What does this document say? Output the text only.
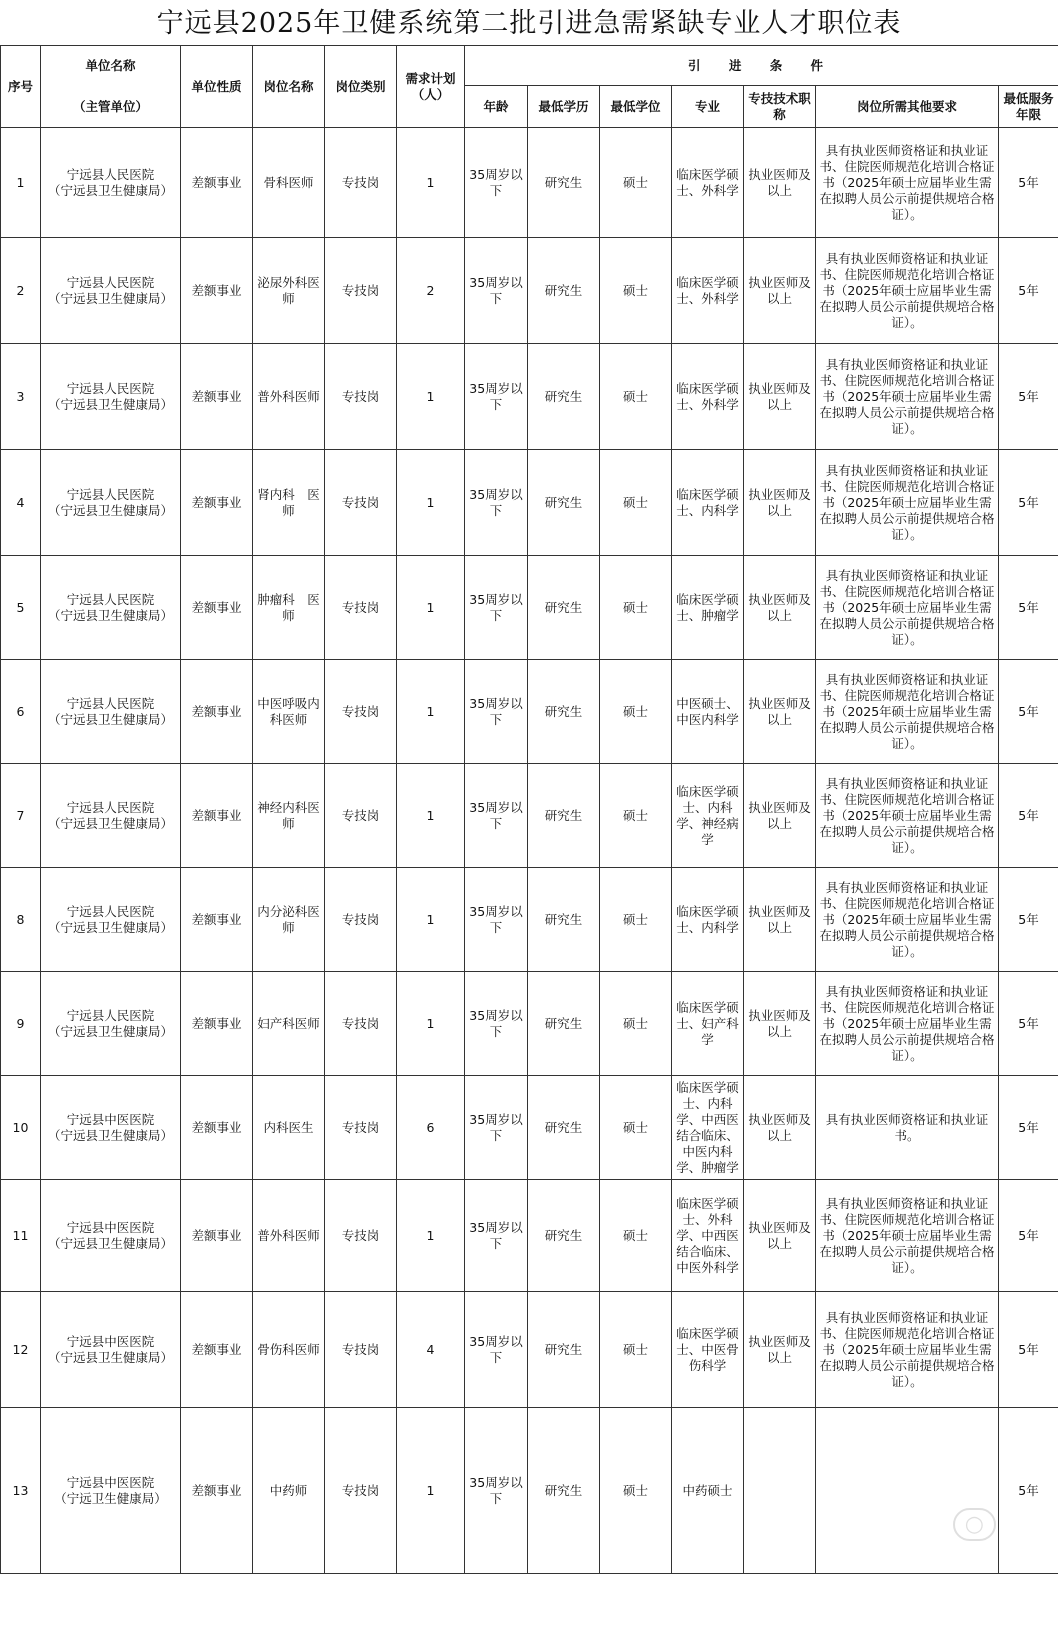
宁远县2025年卫健系统第二批引进急需紧缺专业人才职位表
序号	单位名称	单位性质	岗位名称	岗位类别	需求计划（人）	引 进 条 件						
	（主管单位）					年龄	最低学历	最低学位	专业	专技技术职称	岗位所需其他要求	最低服务年限
1	宁远县人民医院
（宁远县卫生健康局）	差额事业	骨科医师	专技岗	1	35周岁以下	研究生	硕士	临床医学硕士、外科学	执业医师及以上	具有执业医师资格证和执业证书、住院医师规范化培训合格证书（2025年硕士应届毕业生需在拟聘人员公示前提供规培合格证）。	5年
2	宁远县人民医院
（宁远县卫生健康局）	差额事业	泌尿外科医师	专技岗	2	35周岁以下	研究生	硕士	临床医学硕士、外科学	执业医师及以上	具有执业医师资格证和执业证书、住院医师规范化培训合格证书（2025年硕士应届毕业生需在拟聘人员公示前提供规培合格证）。	5年
3	宁远县人民医院
（宁远县卫生健康局）	差额事业	普外科医师	专技岗	1	35周岁以下	研究生	硕士	临床医学硕士、外科学	执业医师及以上	具有执业医师资格证和执业证书、住院医师规范化培训合格证书（2025年硕士应届毕业生需在拟聘人员公示前提供规培合格证）。	5年
4	宁远县人民医院
（宁远县卫生健康局）	差额事业	肾内科　医师	专技岗	1	35周岁以下	研究生	硕士	临床医学硕士、内科学	执业医师及以上	具有执业医师资格证和执业证书、住院医师规范化培训合格证书（2025年硕士应届毕业生需在拟聘人员公示前提供规培合格证）。	5年
5	宁远县人民医院
（宁远县卫生健康局）	差额事业	肿瘤科　医师	专技岗	1	35周岁以下	研究生	硕士	临床医学硕士、肿瘤学	执业医师及以上	具有执业医师资格证和执业证书、住院医师规范化培训合格证书（2025年硕士应届毕业生需在拟聘人员公示前提供规培合格证）。	5年
6	宁远县人民医院
（宁远县卫生健康局）	差额事业	中医呼吸内科医师	专技岗	1	35周岁以下	研究生	硕士	中医硕士、中医内科学	执业医师及以上	具有执业医师资格证和执业证书、住院医师规范化培训合格证书（2025年硕士应届毕业生需在拟聘人员公示前提供规培合格证）。	5年
7	宁远县人民医院
（宁远县卫生健康局）	差额事业	神经内科医师	专技岗	1	35周岁以下	研究生	硕士	临床医学硕士、内科学、神经病学	执业医师及以上	具有执业医师资格证和执业证书、住院医师规范化培训合格证书（2025年硕士应届毕业生需在拟聘人员公示前提供规培合格证）。	5年
8	宁远县人民医院
（宁远县卫生健康局）	差额事业	内分泌科医师	专技岗	1	35周岁以下	研究生	硕士	临床医学硕士、内科学	执业医师及以上	具有执业医师资格证和执业证书、住院医师规范化培训合格证书（2025年硕士应届毕业生需在拟聘人员公示前提供规培合格证）。	5年
9	宁远县人民医院
（宁远县卫生健康局）	差额事业	妇产科医师	专技岗	1	35周岁以下	研究生	硕士	临床医学硕士、妇产科学	执业医师及以上	具有执业医师资格证和执业证书、住院医师规范化培训合格证书（2025年硕士应届毕业生需在拟聘人员公示前提供规培合格证）。	5年
10	宁远县中医医院
（宁远县卫生健康局）	差额事业	内科医生	专技岗	6	35周岁以下	研究生	硕士	临床医学硕士、内科学、中西医结合临床、中医内科学、肿瘤学	执业医师及以上	具有执业医师资格证和执业证书。	5年
11	宁远县中医医院
（宁远县卫生健康局）	差额事业	普外科医师	专技岗	1	35周岁以下	研究生	硕士	临床医学硕士、外科学、中西医结合临床、中医外科学	执业医师及以上	具有执业医师资格证和执业证书、住院医师规范化培训合格证书（2025年硕士应届毕业生需在拟聘人员公示前提供规培合格证）。	5年
12	宁远县中医医院
（宁远县卫生健康局）	差额事业	骨伤科医师	专技岗	4	35周岁以下	研究生	硕士	临床医学硕士、中医骨伤科学	执业医师及以上	具有执业医师资格证和执业证书、住院医师规范化培训合格证书（2025年硕士应届毕业生需在拟聘人员公示前提供规培合格证）。	5年
13	宁远县中医医院
（宁远卫生健康局）	差额事业	中药师	专技岗	1	35周岁以下	研究生	硕士	中药硕士			5年
○
